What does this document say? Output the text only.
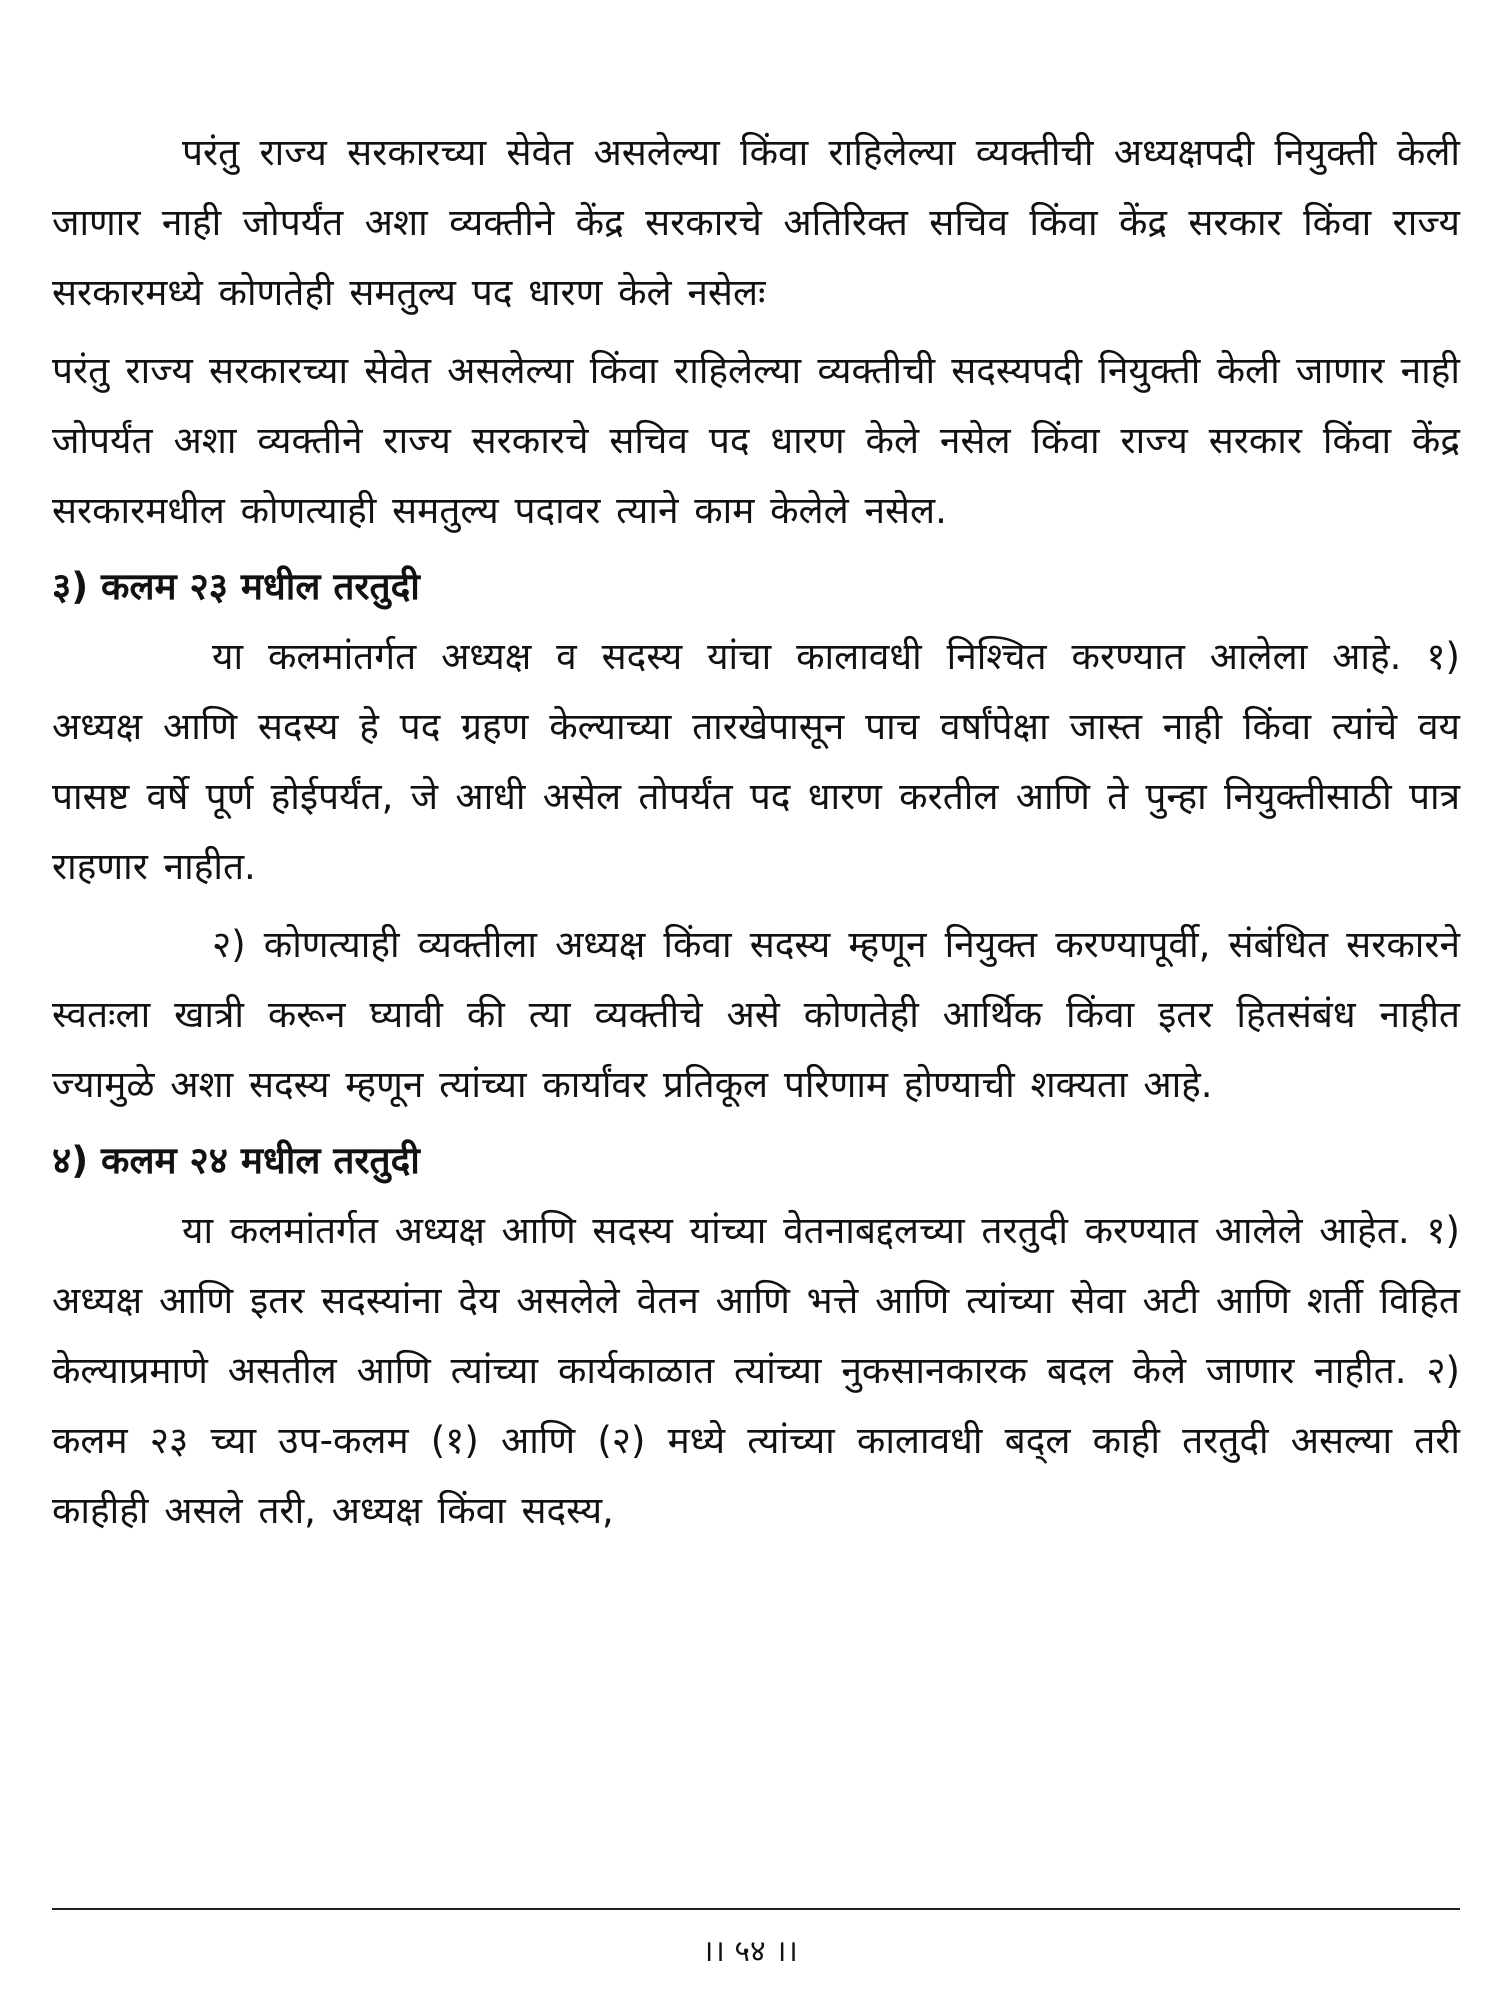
परंतु राज्य सरकारच्या सेवेत असलेल्या किंवा राहिलेल्या व्यक्तीची अध्यक्षपदी नियुक्ती केली जाणार नाही जोपर्यंत अशा व्यक्तीने केंद्र सरकारचे अतिरिक्त सचिव किंवा केंद्र सरकार किंवा राज्य सरकारमध्ये कोणतेही समतुल्य पद धारण केले नसेलः

परंतु राज्य सरकारच्या सेवेत असलेल्या किंवा राहिलेल्या व्यक्तीची सदस्यपदी नियुक्ती केली जाणार नाही जोपर्यंत अशा व्यक्तीने राज्य सरकारचे सचिव पद धारण केले नसेल किंवा राज्य सरकार किंवा केंद्र सरकारमधील कोणत्याही समतुल्य पदावर त्याने काम केलेले नसेल.

३) कलम २३ मधील तरतुदी

या कलमांतर्गत अध्यक्ष व सदस्य यांचा कालावधी निश्चित करण्यात आलेला आहे. १) अध्यक्ष आणि सदस्य हे पद ग्रहण केल्याच्या तारखेपासून पाच वर्षांपेक्षा जास्त नाही किंवा त्यांचे वय पासष्ट वर्षे पूर्ण होईपर्यंत, जे आधी असेल तोपर्यंत पद धारण करतील आणि ते पुन्हा नियुक्तीसाठी पात्र राहणार नाहीत.

२) कोणत्याही व्यक्तीला अध्यक्ष किंवा सदस्य म्हणून नियुक्त करण्यापूर्वी, संबंधित सरकारने स्वतःला खात्री करून घ्यावी की त्या व्यक्तीचे असे कोणतेही आर्थिक किंवा इतर हितसंबंध नाहीत ज्यामुळे अशा सदस्य म्हणून त्यांच्या कार्यांवर प्रतिकूल परिणाम होण्याची शक्यता आहे.

४) कलम २४ मधील तरतुदी

या कलमांतर्गत अध्यक्ष आणि सदस्य यांच्या वेतनाबद्दलच्या तरतुदी करण्यात आलेले आहेत. १) अध्यक्ष आणि इतर सदस्यांना देय असलेले वेतन आणि भत्ते आणि त्यांच्या सेवा अटी आणि शर्ती विहित केल्याप्रमाणे असतील आणि त्यांच्या कार्यकाळात त्यांच्या नुकसानकारक बदल केले जाणार नाहीत. २) कलम २३ च्या उप-कलम (१) आणि (२) मध्ये त्यांच्या कालावधी बद्ल काही तरतुदी असल्या तरी काहीही असले तरी, अध्यक्ष किंवा सदस्य,

।। ५४ ।।
